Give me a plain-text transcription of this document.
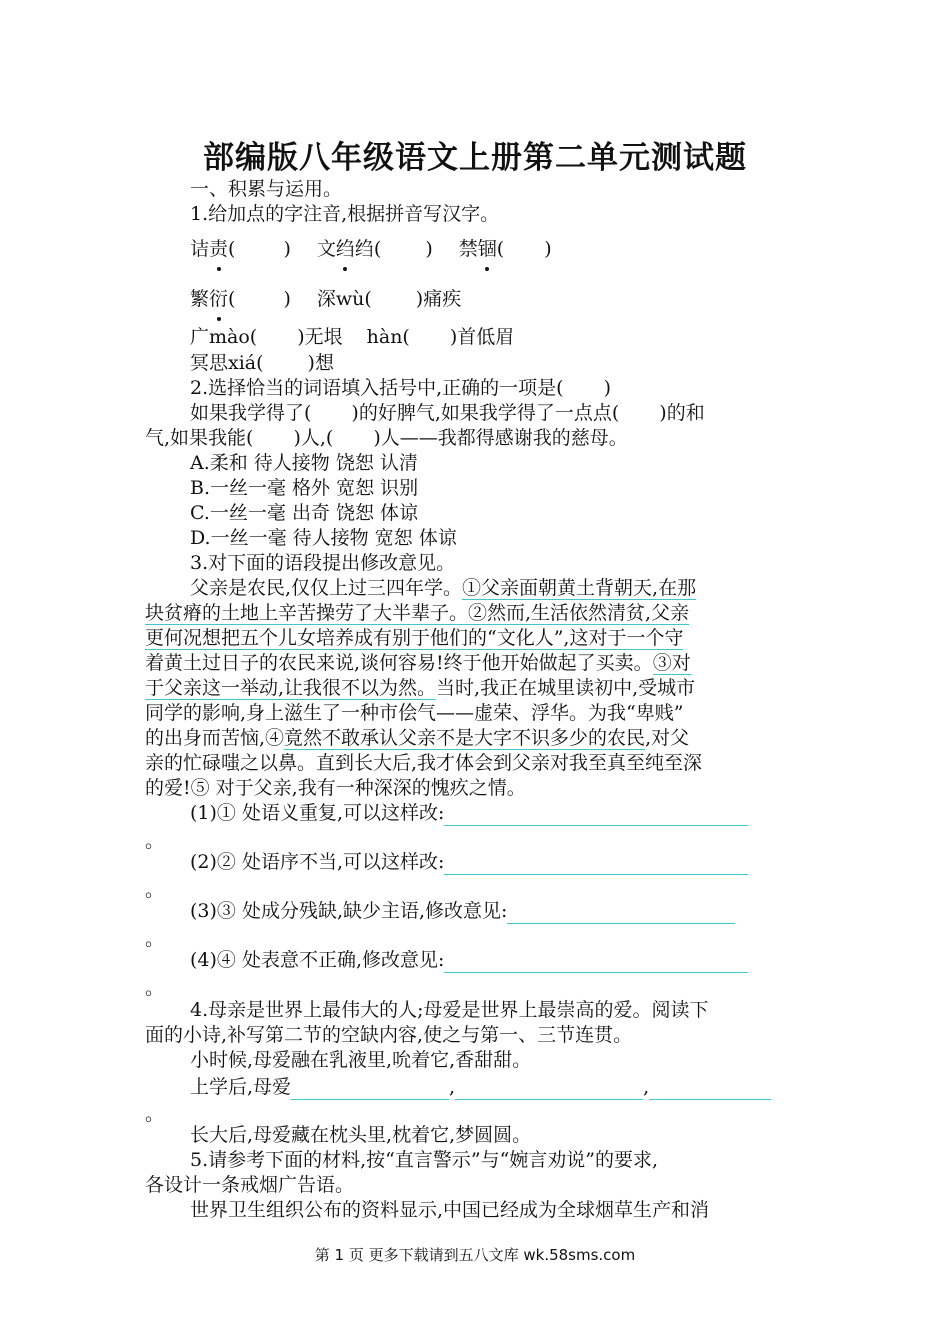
部编版八年级语文上册第二单元测试题
一、积累与运用。
1.给加点的字注音,根据拼音写汉字。
诘责(	) 文绉绉( ) 禁锢( )
繁衍(	) 深wù( )痛疾
广mào( )无垠 hàn( )首低眉
冥思xiá( )想
2.选择恰当的词语填入括号中,正确的一项是( )
如果我学得了( )的好脾气,如果我学得了一点点( )的和
气,如果我能( )人,( )人——我都得感谢我的慈母。
A.柔和 待人接物 饶恕 认清
B.一丝一毫 格外 宽恕 识别
C.一丝一毫 出奇 饶恕 体谅
D.一丝一毫 待人接物 宽恕 体谅
3.对下面的语段提出修改意见。
父亲是农民,仅仅上过三四年学。①父亲面朝黄土背朝天,在那
块贫瘠的土地上辛苦操劳了大半辈子。②然而,生活依然清贫,父亲
更何况想把五个儿女培养成有别于他们的“文化人”,这对于一个守
着黄土过日子的农民来说,谈何容易!终于他开始做起了买卖。③对
于父亲这一举动,让我很不以为然。当时,我正在城里读初中,受城市
同学的影响,身上滋生了一种市侩气——虚荣、浮华。为我“卑贱”
的出身而苦恼,④竟然不敢承认父亲不是大字不识多少的农民,对父
亲的忙碌嗤之以鼻。直到长大后,我才体会到父亲对我至真至纯至深
的爱!⑤ 对于父亲,我有一种深深的愧疚之情。
(1)① 处语义重复,可以这样改:
。
(2)② 处语序不当,可以这样改:
。
(3)③ 处成分残缺,缺少主语,修改意见:
。
(4)④ 处表意不正确,修改意见:
。
4.母亲是世界上最伟大的人;母爱是世界上最崇高的爱。阅读下
面的小诗,补写第二节的空缺内容,使之与第一、三节连贯。
小时候,母爱融在乳液里,吮着它,香甜甜。
上学后,母爱	,	,
。
长大后,母爱藏在枕头里,枕着它,梦圆圆。
5.请参考下面的材料,按“直言警示”与“婉言劝说”的要求,
各设计一条戒烟广告语。
世界卫生组织公布的资料显示,中国已经成为全球烟草生产和消
第 1 页 更多下载请到五八文库 wk.58sms.com
